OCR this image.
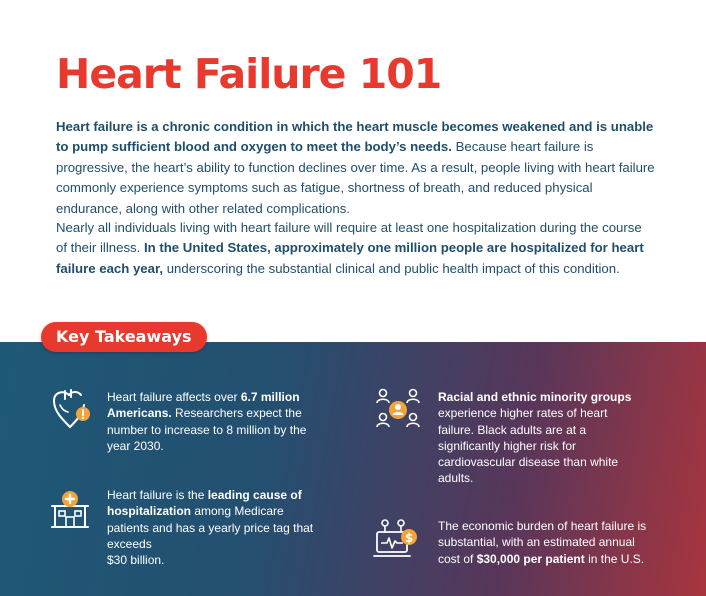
Heart Failure 101

Heart failure is a chronic condition in which the heart muscle becomes weakened and is unable to pump sufficient blood and oxygen to meet the body’s needs. Because heart failure is progressive, the heart’s ability to function declines over time. As a result, people living with heart failure commonly experience symptoms such as fatigue, shortness of breath, and reduced physical endurance, along with other related complications.

Nearly all individuals living with heart failure will require at least one hospitalization during the course of their illness. In the United States, approximately one million people are hospitalized for heart failure each year, underscoring the substantial clinical and public health impact of this condition.

Key Takeaways

Heart failure affects over 6.7 million Americans. Researchers expect the number to increase to 8 million by the year 2030.

Heart failure is the leading cause of hospitalization among Medicare patients and has a yearly price tag that exceeds
$30 billion.

Racial and ethnic minority groups experience higher rates of heart failure. Black adults are at a significantly higher risk for cardiovascular disease than white adults.

$

The economic burden of heart failure is substantial, with an estimated annual cost of $30,000 per patient in the U.S.
